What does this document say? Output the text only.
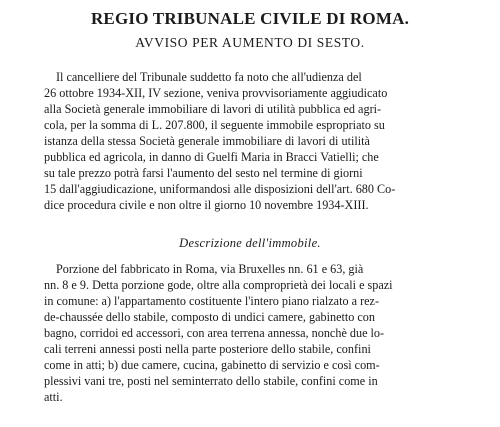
REGIO TRIBUNALE CIVILE DI ROMA.
AVVISO PER AUMENTO DI SESTO.
Il cancelliere del Tribunale suddetto fa noto che all'udienza del
26 ottobre 1934-XII, IV sezione, veniva provvisoriamente aggiudicato
alla Società generale immobiliare di lavori di utilità pubblica ed agri-
cola, per la somma di L. 207.800, il seguente immobile espropriato su
istanza della stessa Società generale immobiliare di lavori di utilità
pubblica ed agricola, in danno di Guelfi Maria in Bracci Vatielli; che
su tale prezzo potrà farsi l'aumento del sesto nel termine di giorni
15 dall'aggiudicazione, uniformandosi alle disposizioni dell'art. 680 Co-
dice procedura civile e non oltre il giorno 10 novembre 1934-XIII.
Descrizione dell'immobile.
Porzione del fabbricato in Roma, via Bruxelles nn. 61 e 63, già
nn. 8 e 9. Detta porzione gode, oltre alla comproprietà dei locali e spazi
in comune: a) l'appartamento costituente l'intero piano rialzato a rez-
de-chaussée dello stabile, composto di undici camere, gabinetto con
bagno, corridoi ed accessori, con area terrena annessa, nonchè due lo-
cali terreni annessi posti nella parte posteriore dello stabile, confini
come in atti; b) due camere, cucina, gabinetto di servizio e così com-
plessivi vani tre, posti nel seminterrato dello stabile, confini come in
atti.
